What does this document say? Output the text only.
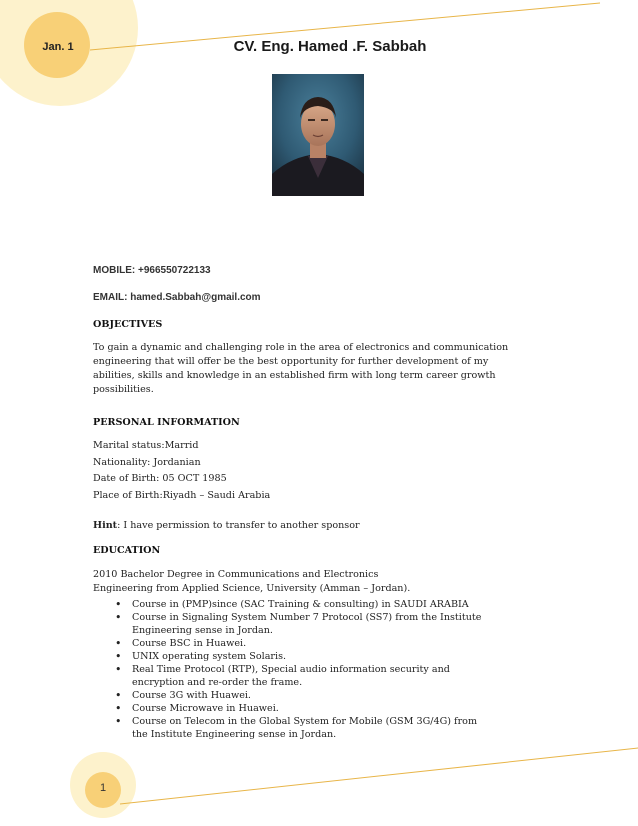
Jan. 1	CV. Eng. Hamed .F. Sabbah
MOBILE: +966550722133
EMAIL: hamed.Sabbah@gmail.com
OBJECTIVES
To gain a dynamic and challenging role in the area of electronics and communication
engineering that will offer be the best opportunity for further development of my
abilities, skills and knowledge in an established firm with long term career growth
possibilities.
PERSONAL INFORMATION
Marital status:Marrid
Nationality: Jordanian
Date of Birth: 05 OCT 1985
Place of Birth:Riyadh – Saudi Arabia
Hint: I have permission to transfer to another sponsor
EDUCATION
2010 Bachelor Degree in Communications and Electronics
Engineering from Applied Science, University (Amman – Jordan).
• Course in (PMP)since (SAC Training & consulting) in SAUDI ARABIA
• Course in Signaling System Number 7 Protocol (SS7) from the Institute
Engineering sense in Jordan.
• Course BSC in Huawei.
• UNIX operating system Solaris.
• Real Time Protocol (RTP), Special audio information security and
encryption and re-order the frame.
• Course 3G with Huawei.
• Course Microwave in Huawei.
• Course on Telecom in the Global System for Mobile (GSM 3G/4G) from
the Institute Engineering sense in Jordan.
1
